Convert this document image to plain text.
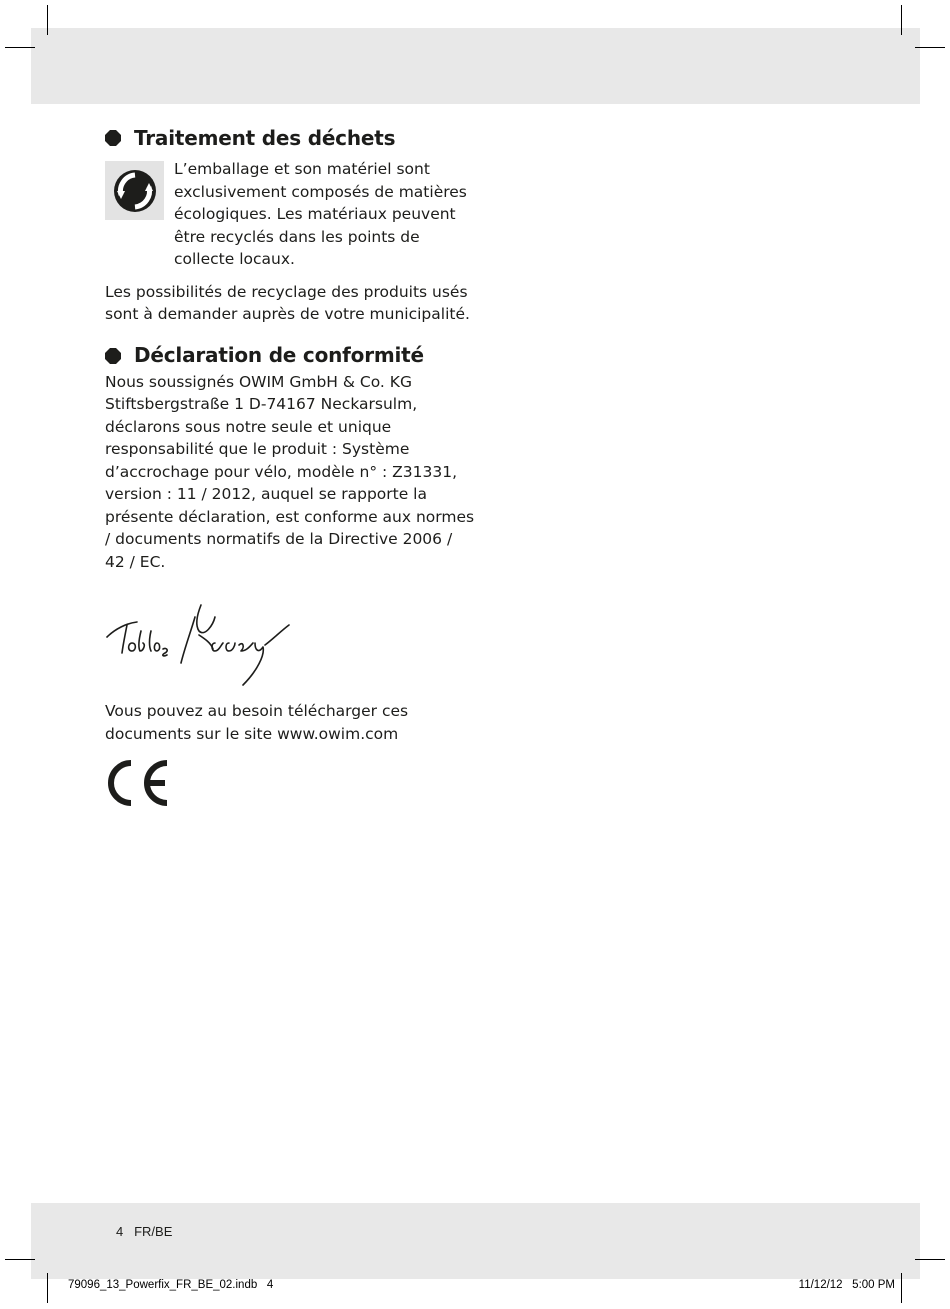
Traitement des déchets
L’emballage et son matériel sont exclusivement composés de matières écologiques. Les matériaux peuvent être recyclés dans les points de collecte locaux.

Les possibilités de recyclage des produits usés sont à demander auprès de votre municipalité.

Déclaration de conformité

Nous soussignés OWIM GmbH & Co. KG Stiftsbergstraße 1 D-74167 Neckarsulm, déclarons sous notre seule et unique responsabilité que le produit : Système d’accrochage pour vélo, modèle n° : Z31331, version : 11 / 2012, auquel se rapporte la présente déclaration, est conforme aux normes / documents normatifs de la Directive 2006 / 42 / EC.

Vous pouvez au besoin télécharger ces documents sur le site www.owim.com

4 FR/BE
79096_13_Powerfix_FR_BE_02.indb   4	11/12/12   5:00 PM
